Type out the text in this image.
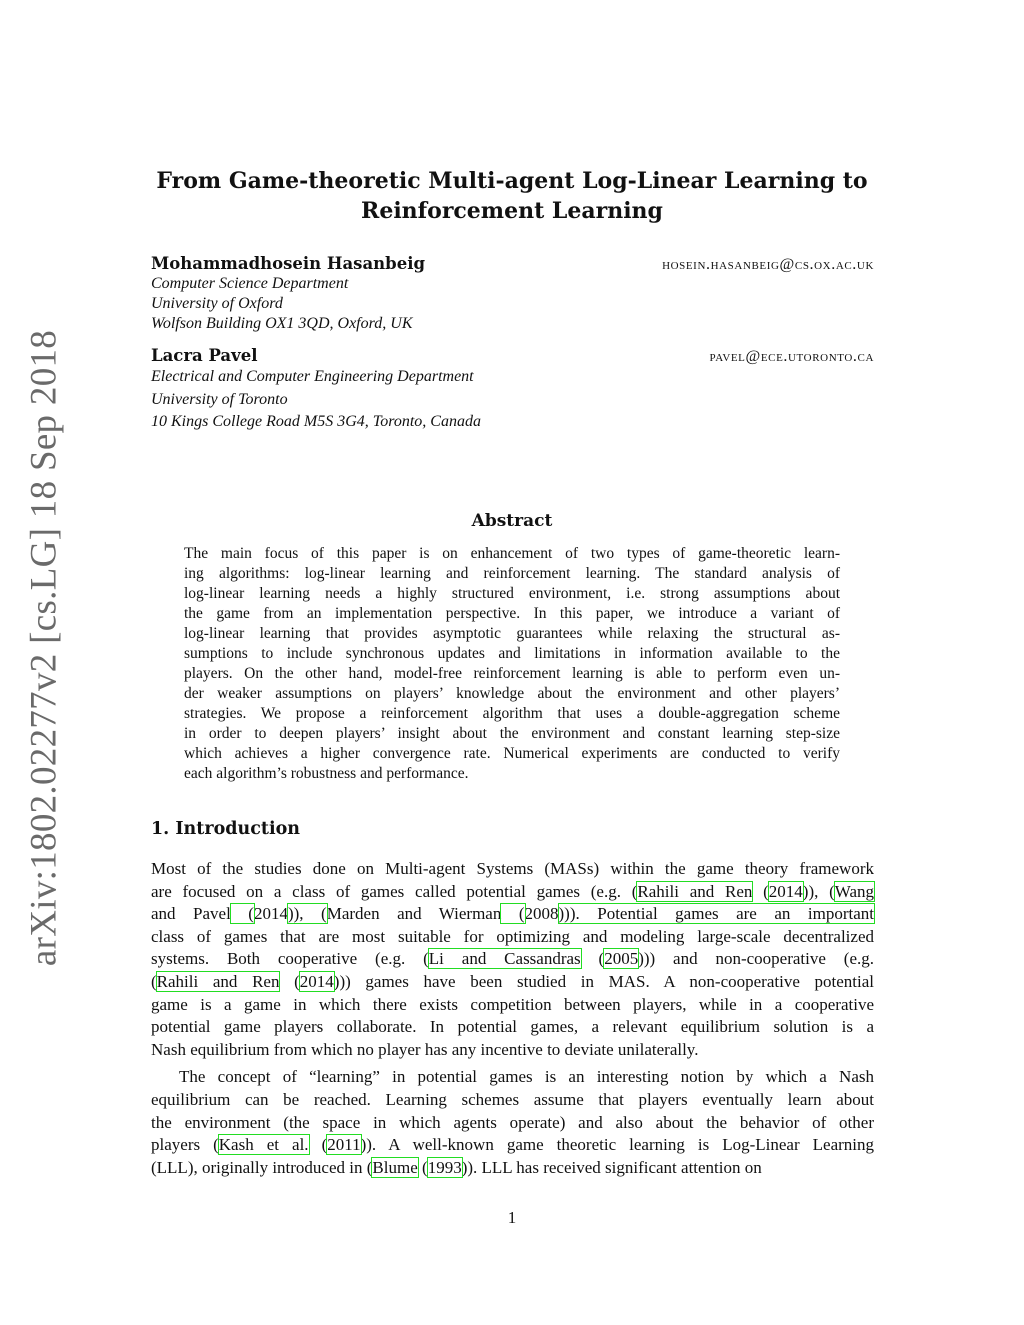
arXiv:1802.02277v2 [cs.LG] 18 Sep 2018
From Game-theoretic Multi-agent Log-Linear Learning to
Reinforcement Learning
Mohammadhosein Hasanbeig	hosein.hasanbeig@cs.ox.ac.uk
Computer Science Department
University of Oxford
Wolfson Building OX1 3QD, Oxford, UK
Lacra Pavel	pavel@ece.utoronto.ca
Electrical and Computer Engineering Department
University of Toronto
10 Kings College Road M5S 3G4, Toronto, Canada
Abstract
The main focus of this paper is on enhancement of two types of game-theoretic learn-
ing algorithms: log-linear learning and reinforcement learning. The standard analysis of
log-linear learning needs a highly structured environment, i.e. strong assumptions about
the game from an implementation perspective. In this paper, we introduce a variant of
log-linear learning that provides asymptotic guarantees while relaxing the structural as-
sumptions to include synchronous updates and limitations in information available to the
players. On the other hand, model-free reinforcement learning is able to perform even un-
der weaker assumptions on players’ knowledge about the environment and other players’
strategies. We propose a reinforcement algorithm that uses a double-aggregation scheme
in order to deepen players’ insight about the environment and constant learning step-size
which achieves a higher convergence rate. Numerical experiments are conducted to verify
each algorithm’s robustness and performance.
1. Introduction
Most of the studies done on Multi-agent Systems (MASs) within the game theory framework
are focused on a class of games called potential games (e.g. (Rahili and Ren (2014)), (Wang
and Pavel (2014)), (Marden and Wierman (2008))). Potential games are an important
class of games that are most suitable for optimizing and modeling large-scale decentralized
systems. Both cooperative (e.g. (Li and Cassandras (2005))) and non-cooperative (e.g.
(Rahili and Ren (2014))) games have been studied in MAS. A non-cooperative potential
game is a game in which there exists competition between players, while in a cooperative
potential game players collaborate. In potential games, a relevant equilibrium solution is a
Nash equilibrium from which no player has any incentive to deviate unilaterally.
The concept of “learning” in potential games is an interesting notion by which a Nash
equilibrium can be reached. Learning schemes assume that players eventually learn about
the environment (the space in which agents operate) and also about the behavior of other
players (Kash et al. (2011)). A well-known game theoretic learning is Log-Linear Learning
(LLL), originally introduced in (Blume (1993)). LLL has received significant attention on
1
